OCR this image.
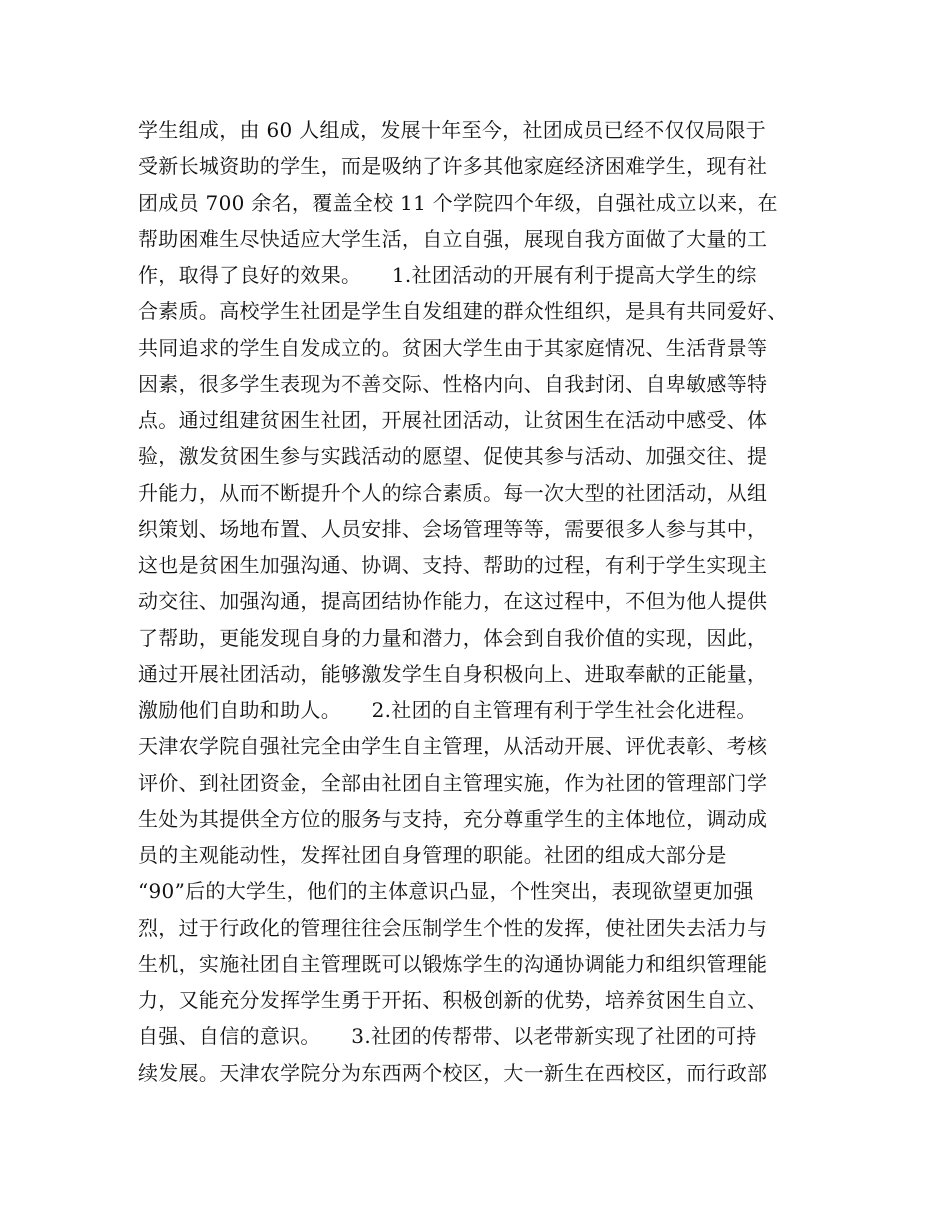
学生组成，由 60 人组成，发展十年至今，社团成员已经不仅仅局限于
受新长城资助的学生，而是吸纳了许多其他家庭经济困难学生，现有社
团成员 700 余名，覆盖全校 11 个学院四个年级，自强社成立以来，在
帮助困难生尽快适应大学生活，自立自强，展现自我方面做了大量的工
作，取得了良好的效果。　　1.社团活动的开展有利于提高大学生的综
合素质。高校学生社团是学生自发组建的群众性组织，是具有共同爱好、
共同追求的学生自发成立的。贫困大学生由于其家庭情况、生活背景等
因素，很多学生表现为不善交际、性格内向、自我封闭、自卑敏感等特
点。通过组建贫困生社团，开展社团活动，让贫困生在活动中感受、体
验，激发贫困生参与实践活动的愿望、促使其参与活动、加强交往、提
升能力，从而不断提升个人的综合素质。每一次大型的社团活动，从组
织策划、场地布置、人员安排、会场管理等等，需要很多人参与其中，
这也是贫困生加强沟通、协调、支持、帮助的过程，有利于学生实现主
动交往、加强沟通，提高团结协作能力，在这过程中，不但为他人提供
了帮助，更能发现自身的力量和潜力，体会到自我价值的实现，因此，
通过开展社团活动，能够激发学生自身积极向上、进取奉献的正能量，
激励他们自助和助人。　　2.社团的自主管理有利于学生社会化进程。
天津农学院自强社完全由学生自主管理，从活动开展、评优表彰、考核
评价、到社团资金，全部由社团自主管理实施，作为社团的管理部门学
生处为其提供全方位的服务与支持，充分尊重学生的主体地位，调动成
员的主观能动性，发挥社团自身管理的职能。社团的组成大部分是
“90”后的大学生，他们的主体意识凸显，个性突出，表现欲望更加强
烈，过于行政化的管理往往会压制学生个性的发挥，使社团失去活力与
生机，实施社团自主管理既可以锻炼学生的沟通协调能力和组织管理能
力，又能充分发挥学生勇于开拓、积极创新的优势，培养贫困生自立、
自强、自信的意识。　　3.社团的传帮带、以老带新实现了社团的可持
续发展。天津农学院分为东西两个校区，大一新生在西校区，而行政部
